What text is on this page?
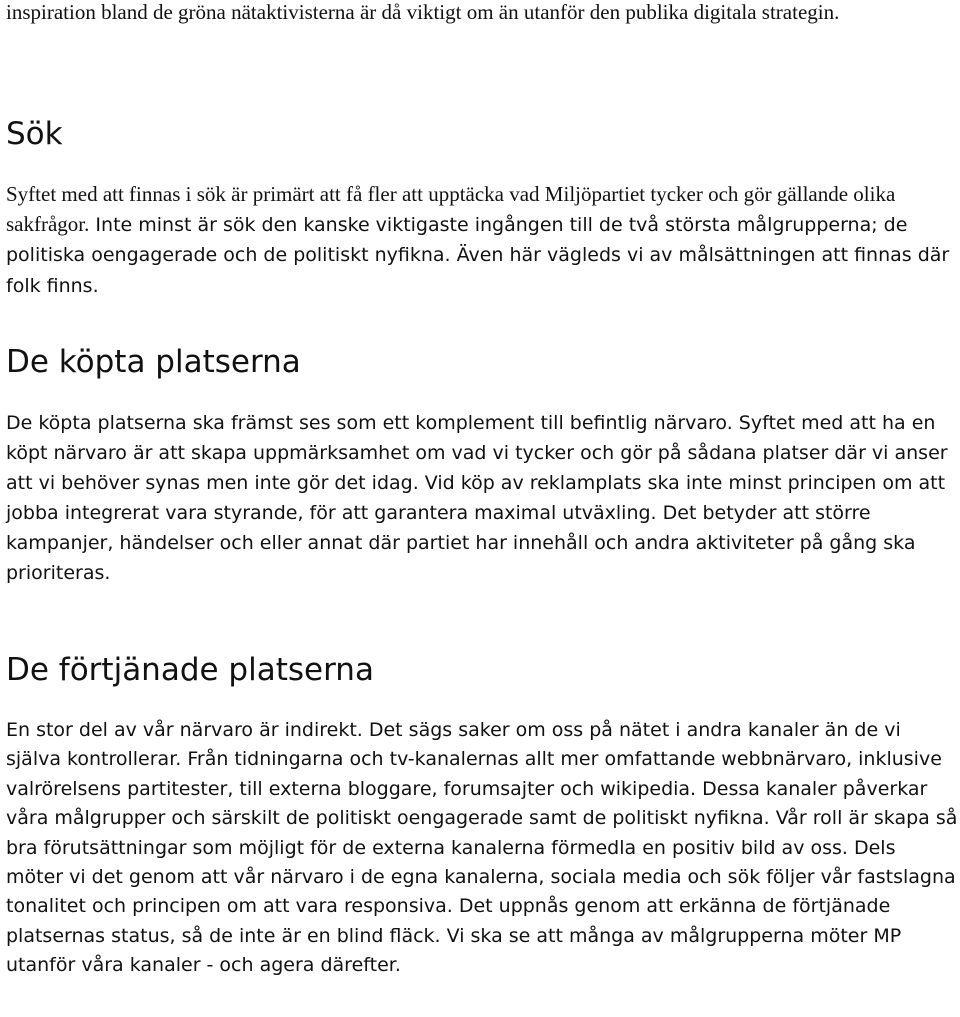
inspiration bland de gröna nätaktivisterna är då viktigt om än utanför den publika digitala strategin.

Sök

Syftet med att finnas i sök är primärt att få fler att upptäcka vad Miljöpartiet tycker och gör gällande olika sakfrågor. Inte minst är sök den kanske viktigaste ingången till de två största målgrupperna; de politiska oengagerade och de politiskt nyfikna. Även här vägleds vi av målsättningen att finnas där folk finns.

De köpta platserna

De köpta platserna ska främst ses som ett komplement till befintlig närvaro. Syftet med att ha en köpt närvaro är att skapa uppmärksamhet om vad vi tycker och gör på sådana platser där vi anser att vi behöver synas men inte gör det idag. Vid köp av reklamplats ska inte minst principen om att jobba integrerat vara styrande, för att garantera maximal utväxling. Det betyder att större kampanjer, händelser och eller annat där partiet har innehåll och andra aktiviteter på gång ska prioriteras.

De förtjänade platserna

En stor del av vår närvaro är indirekt. Det sägs saker om oss på nätet i andra kanaler än de vi själva kontrollerar. Från tidningarna och tv-kanalernas allt mer omfattande webbnärvaro, inklusive valrörelsens partitester, till externa bloggare, forumsajter och wikipedia. Dessa kanaler påverkar våra målgrupper och särskilt de politiskt oengagerade samt de politiskt nyfikna. Vår roll är skapa så bra förutsättningar som möjligt för de externa kanalerna förmedla en positiv bild av oss. Dels möter vi det genom att vår närvaro i de egna kanalerna, sociala media och sök följer vår fastslagna tonalitet och principen om att vara responsiva. Det uppnås genom att erkänna de förtjänade platsernas status, så de inte är en blind fläck. Vi ska se att många av målgrupperna möter MP utanför våra kanaler - och agera därefter.
